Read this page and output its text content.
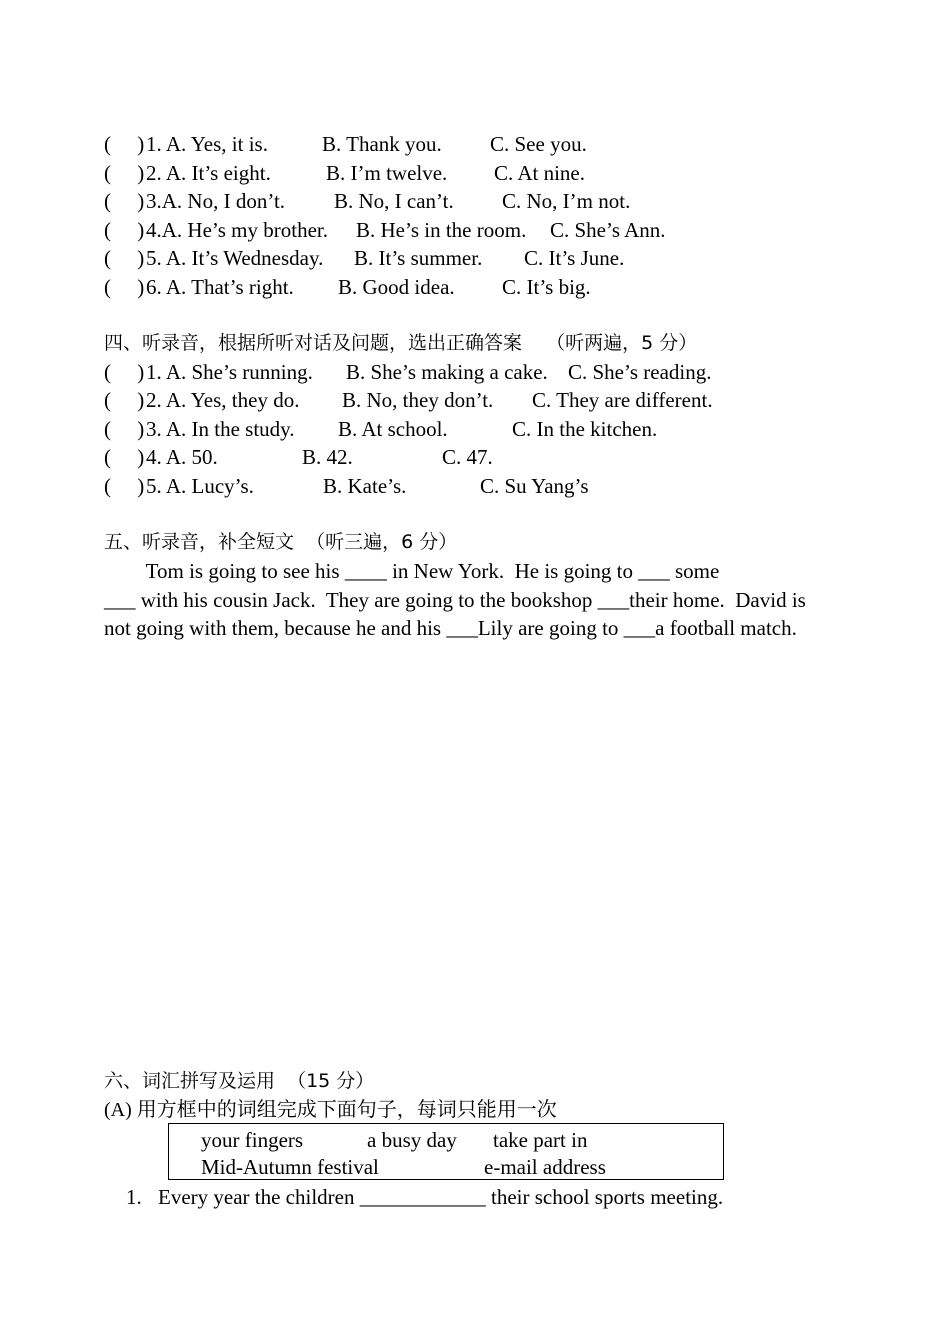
(     ) 1. A. Yes, it is.	B. Thank you. C. See you.
(     ) 2. A. It’s eight.	B. I’m twelve. C. At nine.
(     ) 3.A. No, I don’t. B. No, I can’t. C. No, I’m not.
(     ) 4.A. He’s my brother. B. He’s in the room. C. She’s Ann.
(     ) 5. A. It’s Wednesday. B. It’s summer. C. It’s June.
(     ) 6. A. That’s right. B. Good idea. C. It’s big.
四、听录音，根据所听对话及问题，选出正确答案    （听两遍，5 分）
(     ) 1. A. She’s running. B. She’s making a cake. C. She’s reading.
(     ) 2. A. Yes, they do. B. No, they don’t. C. They are different.
(     ) 3. A. In the study. B. At school.	C. In the kitchen.
(     ) 4. A. 50.	B. 42.	C. 47.
(     ) 5. A. Lucy’s.	B. Kate’s.	C. Su Yang’s
五、听录音，补全短文  （听三遍，6 分）
Tom is going to see his ____ in New York.  He is going to ___ some
___ with his cousin Jack.  They are going to the bookshop ___their home.  David is
not going with them, because he and his ___Lily are going to ___a football match.
六、词汇拼写及运用  （15 分）
(A) 用方框中的词组完成下面句子，每词只能用一次
your fingers	a busy day take part in
Mid-Autumn festival	e-mail address
1. Every year the children ____________ their school sports meeting.
